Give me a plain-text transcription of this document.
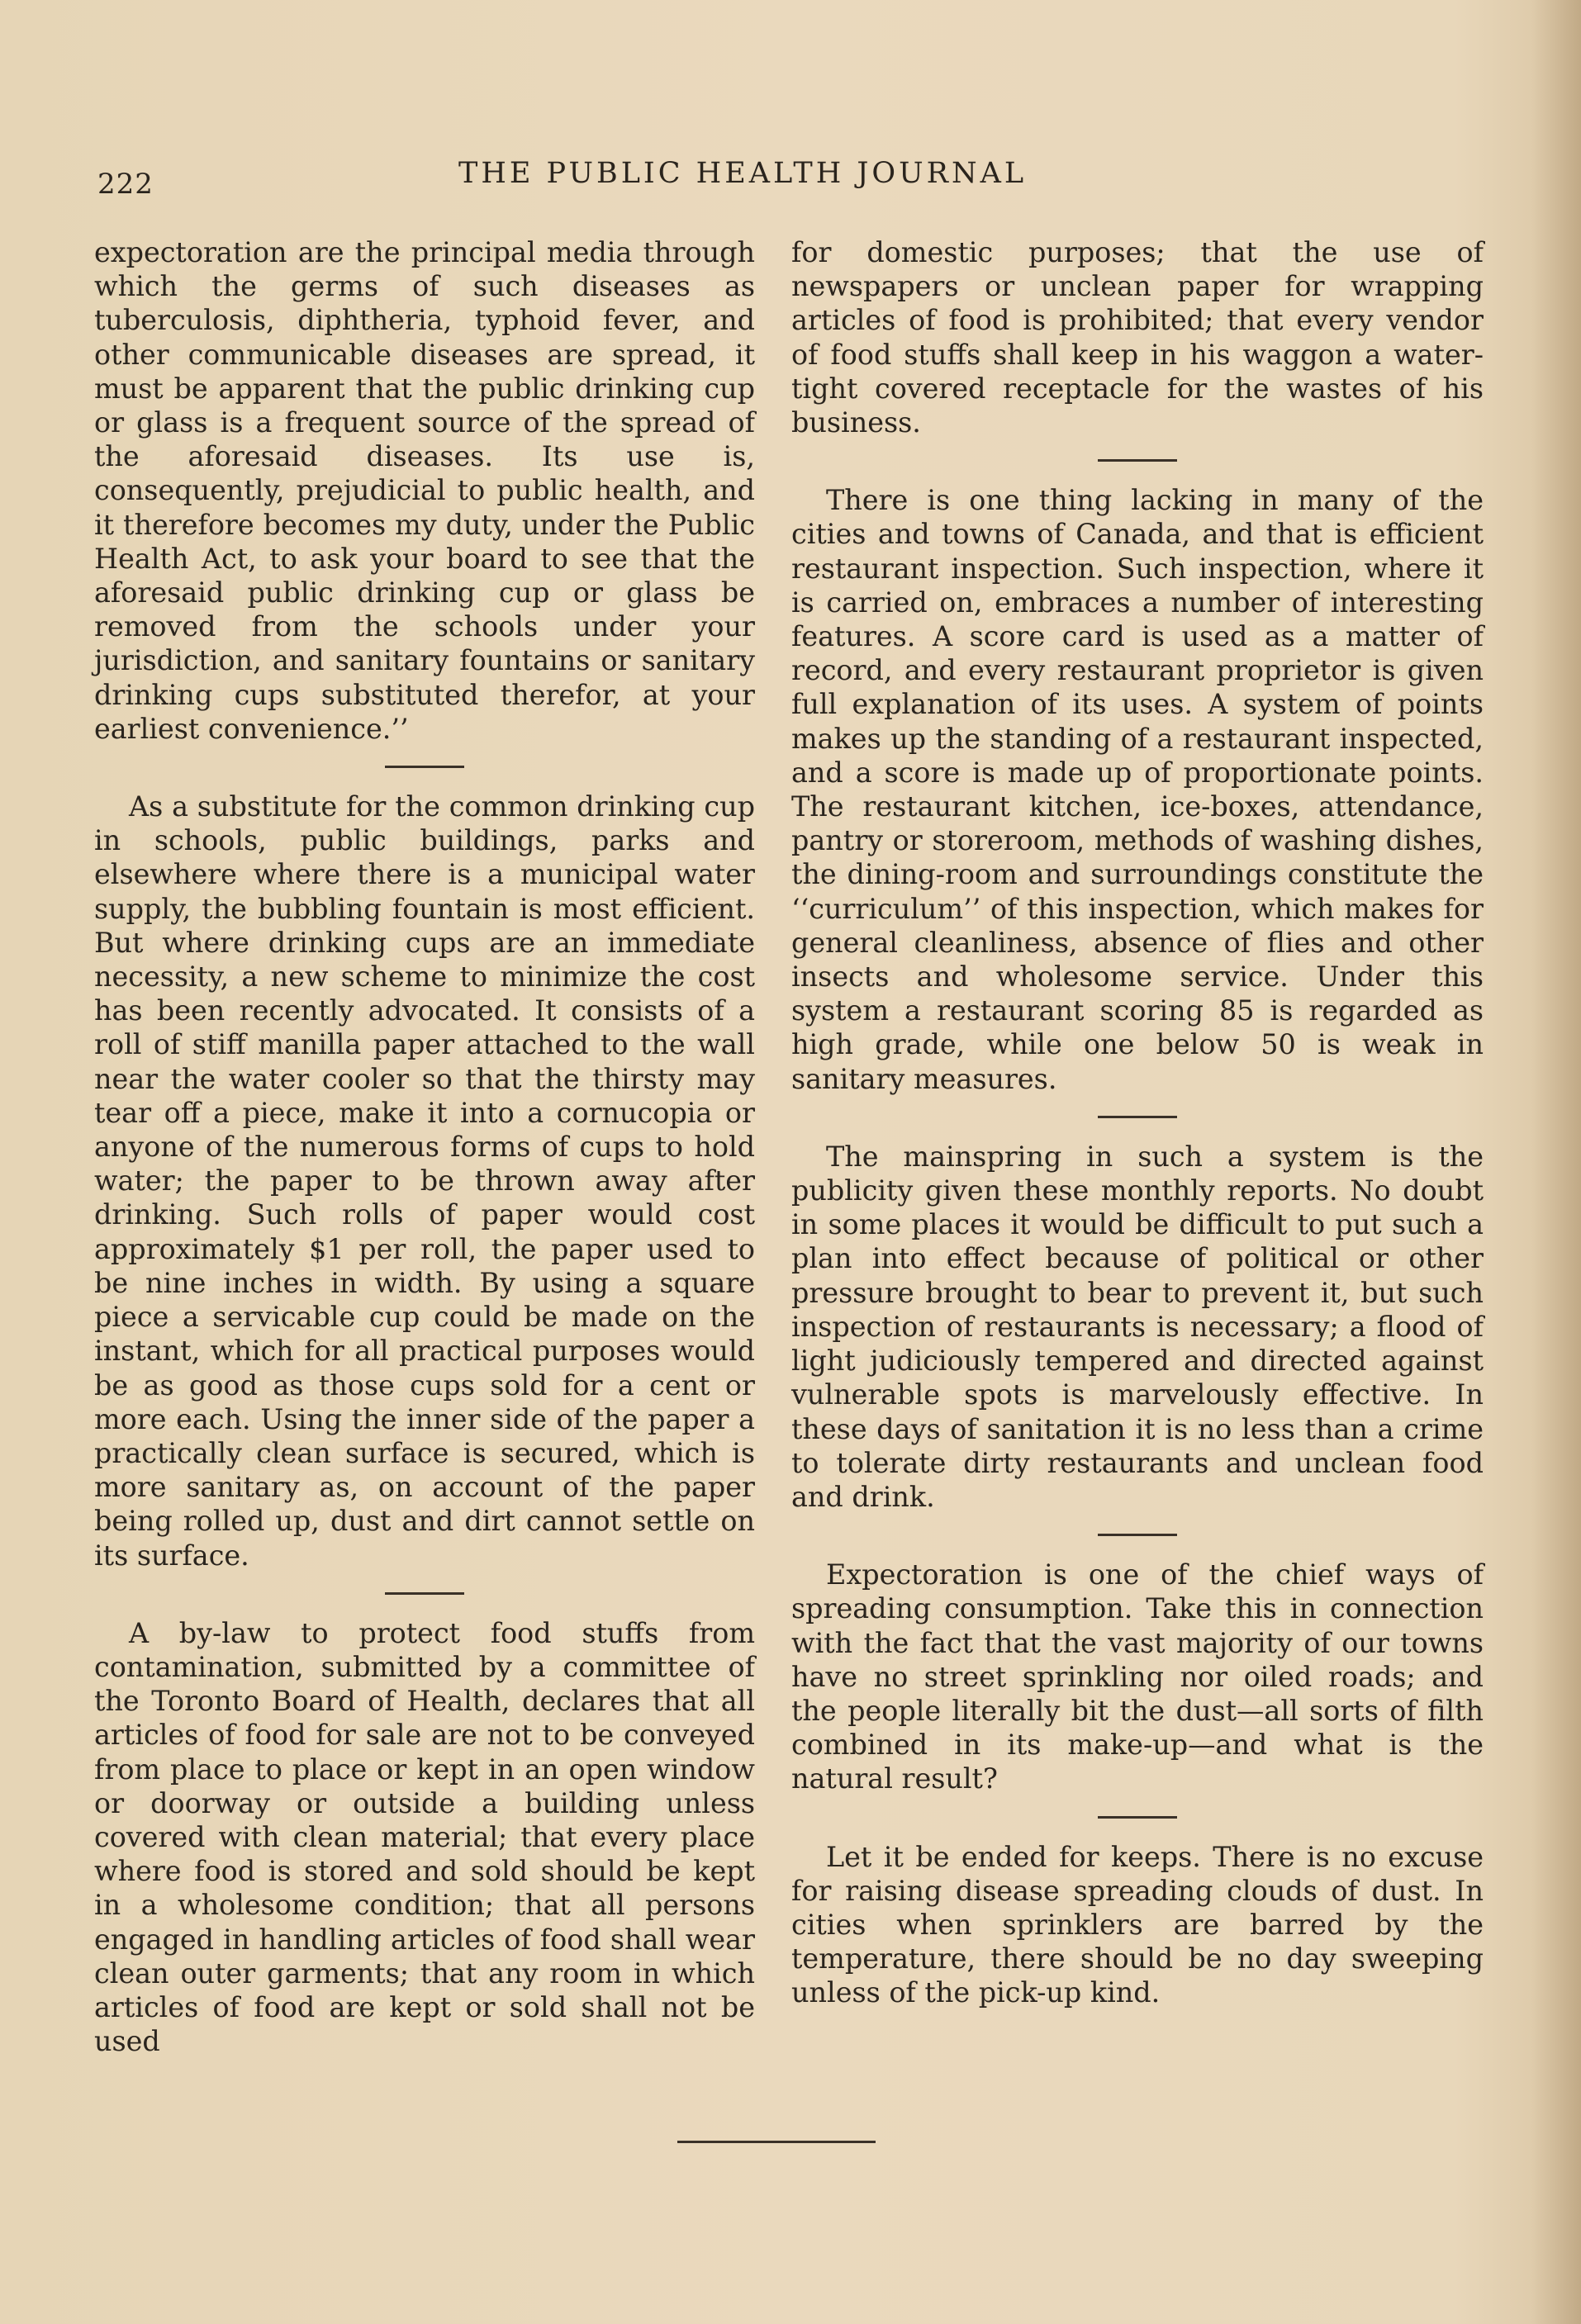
222	THE PUBLIC HEALTH JOURNAL

expectoration are the principal media through which the germs of such diseases as tuberculosis, diphtheria, typhoid fever, and other communicable diseases are spread, it must be apparent that the public drinking cup or glass is a frequent source of the spread of the aforesaid diseases. Its use is, consequently, prejudicial to public health, and it therefore becomes my duty, under the Public Health Act, to ask your board to see that the aforesaid public drinking cup or glass be removed from the schools under your jurisdiction, and sanitary fountains or sanitary drinking cups substituted therefor, at your earliest convenience.’’

As a substitute for the common drinking cup in schools, public buildings, parks and elsewhere where there is a municipal water supply, the bubbling fountain is most efficient. But where drinking cups are an immediate necessity, a new scheme to minimize the cost has been recently advocated. It consists of a roll of stiff manilla paper attached to the wall near the water cooler so that the thirsty may tear off a piece, make it into a cornucopia or anyone of the numerous forms of cups to hold water; the paper to be thrown away after drinking. Such rolls of paper would cost approximately $1 per roll, the paper used to be nine inches in width. By using a square piece a servicable cup could be made on the instant, which for all practical purposes would be as good as those cups sold for a cent or more each. Using the inner side of the paper a practically clean surface is secured, which is more sanitary as, on account of the paper being rolled up, dust and dirt cannot settle on its surface.

A by-law to protect food stuffs from contamination, submitted by a committee of the Toronto Board of Health, declares that all articles of food for sale are not to be conveyed from place to place or kept in an open window or doorway or outside a building unless covered with clean material; that every place where food is stored and sold should be kept in a wholesome condition; that all persons engaged in handling articles of food shall wear clean outer garments; that any room in which articles of food are kept or sold shall not be used

for domestic purposes; that the use of newspapers or unclean paper for wrapping articles of food is prohibited; that every vendor of food stuffs shall keep in his waggon a water-tight covered receptacle for the wastes of his business.

There is one thing lacking in many of the cities and towns of Canada, and that is efficient restaurant inspection. Such inspection, where it is carried on, embraces a number of interesting features. A score card is used as a matter of record, and every restaurant proprietor is given full explanation of its uses. A system of points makes up the standing of a restaurant inspected, and a score is made up of proportionate points. The restaurant kitchen, ice-boxes, attendance, pantry or storeroom, methods of washing dishes, the dining-room and surroundings constitute the ‘‘curriculum’’ of this inspection, which makes for general cleanliness, absence of flies and other insects and wholesome service. Under this system a restaurant scoring 85 is regarded as high grade, while one below 50 is weak in sanitary measures.

The mainspring in such a system is the publicity given these monthly reports. No doubt in some places it would be difficult to put such a plan into effect because of political or other pressure brought to bear to prevent it, but such inspection of restaurants is necessary; a flood of light judiciously tempered and directed against vulnerable spots is marvelously effective. In these days of sanitation it is no less than a crime to tolerate dirty restaurants and unclean food and drink.

Expectoration is one of the chief ways of spreading consumption. Take this in connection with the fact that the vast majority of our towns have no street sprinkling nor oiled roads; and the people literally bit the dust—all sorts of filth combined in its make-up—and what is the natural result?

Let it be ended for keeps. There is no excuse for raising disease spreading clouds of dust. In cities when sprinklers are barred by the temperature, there should be no day sweeping unless of the pick-up kind.
